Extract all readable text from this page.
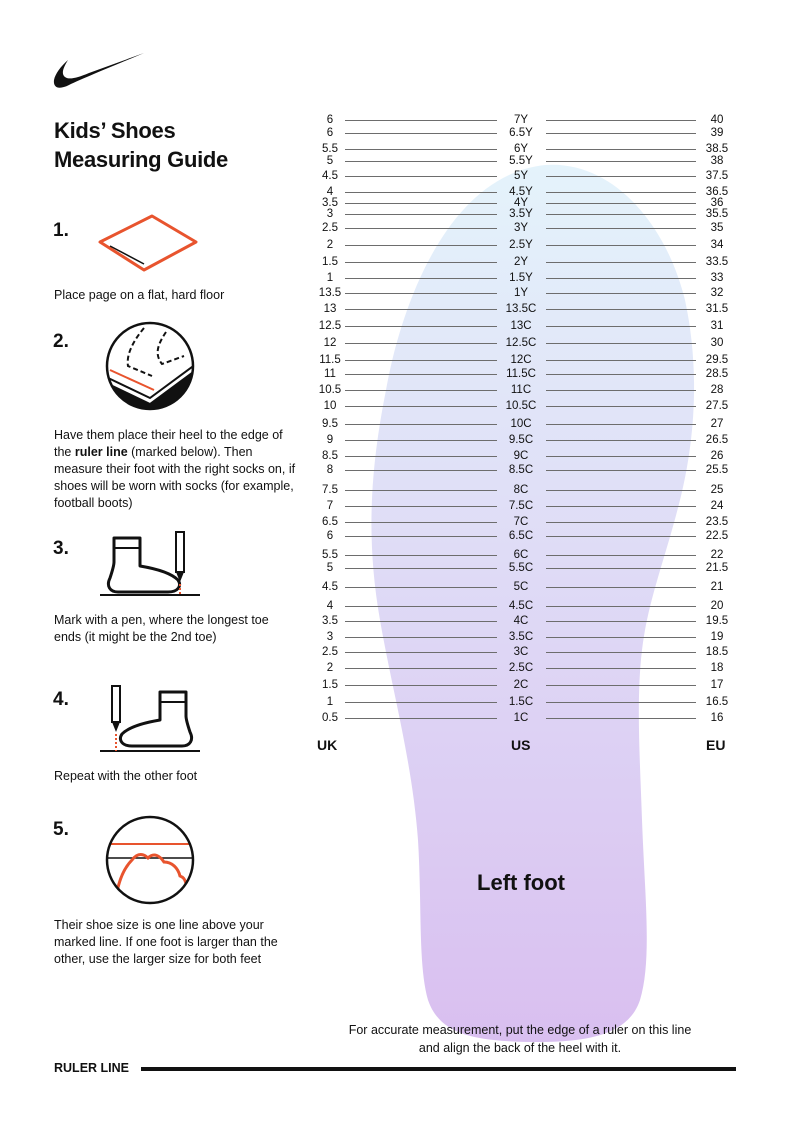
Kids’ Shoes
Measuring Guide
6	7Y	40
6	6.5Y	39
5.5	6Y	38.5
5	5.5Y	38
4.5	5Y	37.5
4	4.5Y	36.5
3.5	4Y	36
3	3.5Y	35.5
2.5	3Y	35
2	2.5Y	34
1.5	2Y	33.5
1	1.5Y	33
13.5	1Y	32
13	13.5C	31.5
12.5	13C	31
12	12.5C	30
11.5	12C	29.5
11	11.5C	28.5
10.5	11C	28
10	10.5C	27.5
9.5	10C	27
9	9.5C	26.5
8.5	9C	26
8	8.5C	25.5
7.5	8C	25
7	7.5C	24
6.5	7C	23.5
6	6.5C	22.5
5.5	6C	22
5	5.5C	21.5
4.5	5C	21
4	4.5C	20
3.5	4C	19.5
3	3.5C	19
2.5	3C	18.5
2	2.5C	18
1.5	2C	17
1	1.5C	16.5
0.5	1C	16
UK	US	EU
Left foot
1.
Place page on a flat, hard floor
2.
Have them place their heel to the edge of the ruler line (marked below). Then measure their foot with the right socks on, if shoes will be worn with socks (for example, football boots)
3.
Mark with a pen, where the longest toe ends (it might be the 2nd toe)
4.
Repeat with the other foot
5.
Their shoe size is one line above your marked line. If one foot is larger than the other, use the larger size for both feet
For accurate measurement, put the edge of a ruler on this line and align the back of the heel with it.
RULER LINE
